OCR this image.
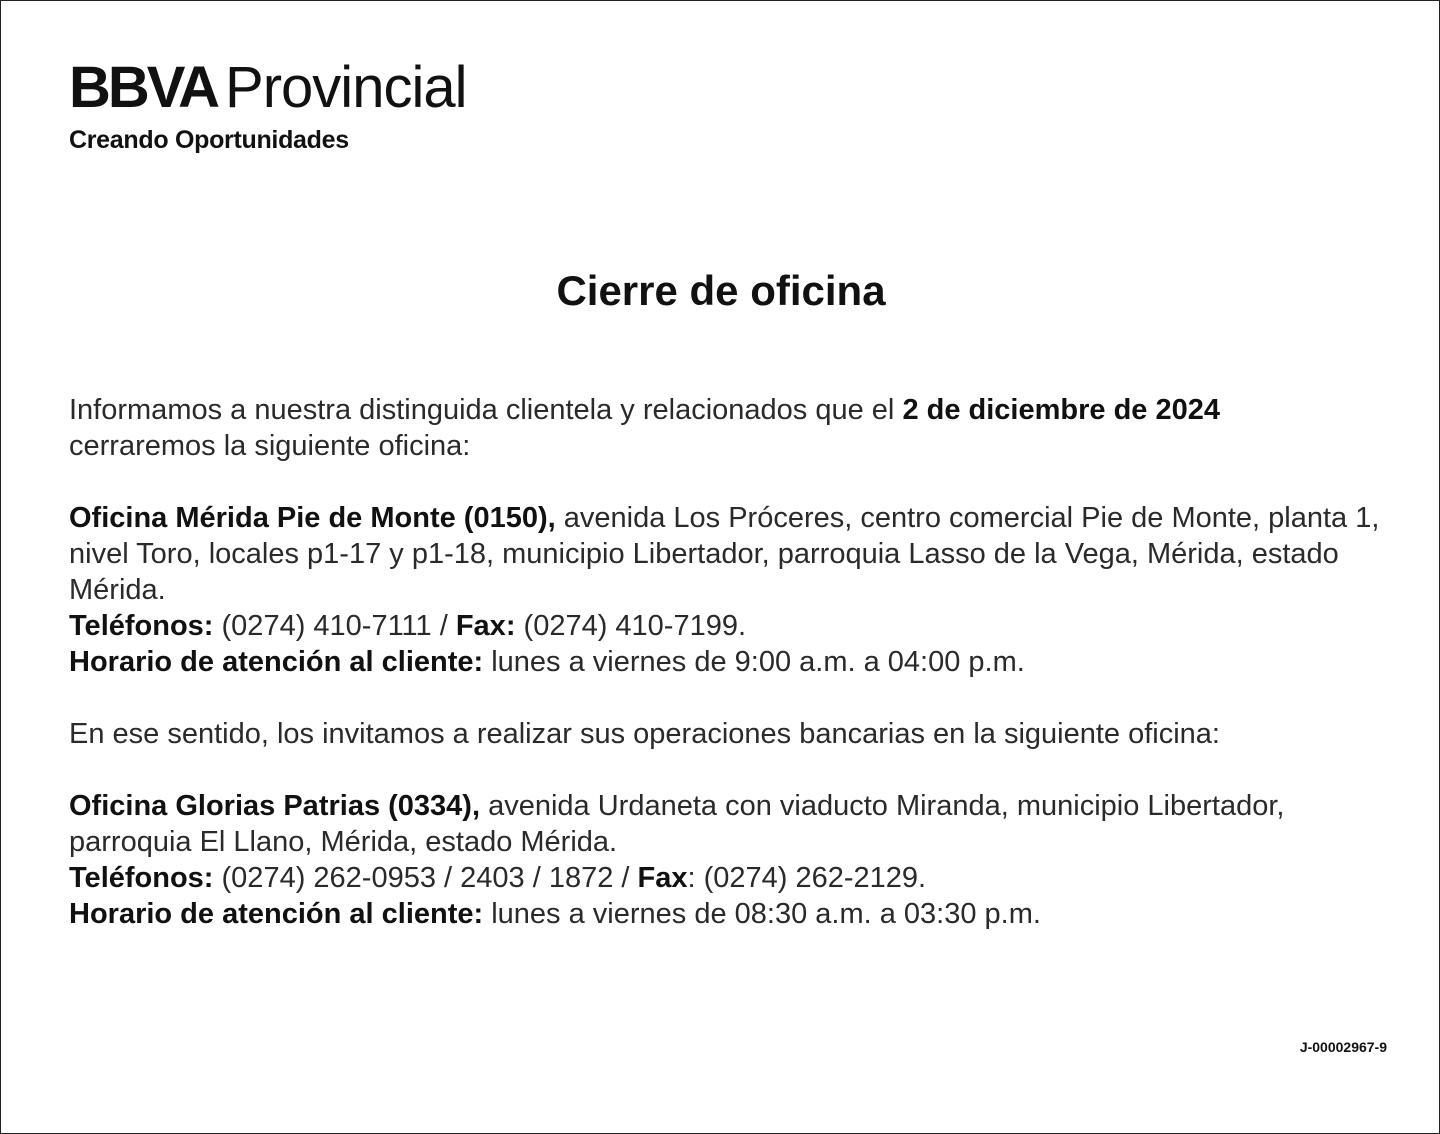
BBVA Provincial
Creando Oportunidades
Cierre de oficina

Informamos a nuestra distinguida clientela y relacionados que el 2 de diciembre de 2024
cerraremos la siguiente oficina:

Oficina Mérida Pie de Monte (0150), avenida Los Próceres, centro comercial Pie de Monte, planta 1, nivel Toro, locales p1-17 y p1-18, municipio Libertador, parroquia Lasso de la Vega, Mérida, estado Mérida.
Teléfonos: (0274) 410-7111 / Fax: (0274) 410-7199.
Horario de atención al cliente: lunes a viernes de 9:00 a.m. a 04:00 p.m.

En ese sentido, los invitamos a realizar sus operaciones bancarias en la siguiente oficina:

Oficina Glorias Patrias (0334), avenida Urdaneta con viaducto Miranda, municipio Libertador, parroquia El Llano, Mérida, estado Mérida.
Teléfonos: (0274) 262-0953 / 2403 / 1872 / Fax: (0274) 262-2129.
Horario de atención al cliente: lunes a viernes de 08:30 a.m. a 03:30 p.m.

J-00002967-9
